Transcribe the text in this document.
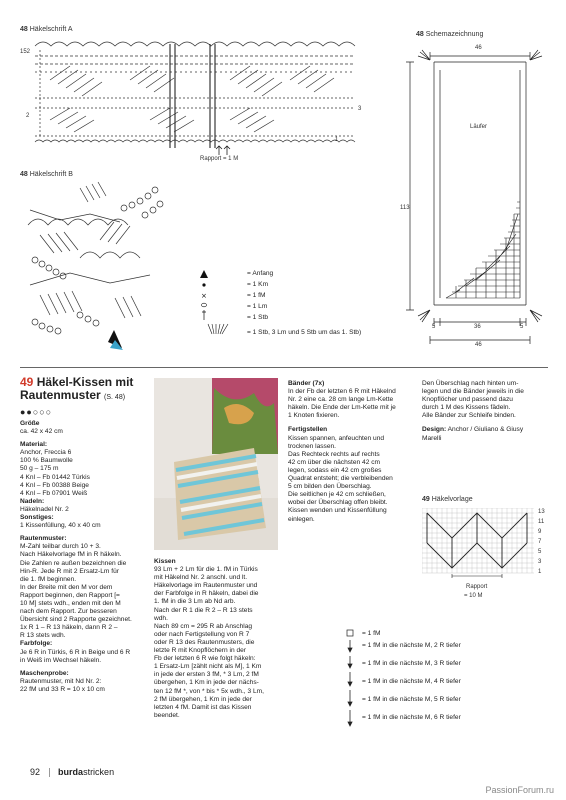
48 Häkelschrift A
152
2
3
1
Rapport = 1 M
48 Häkelschrift B
×
= Anfang
= 1 Km
= 1 fM
= 1 Lm
= 1 Stb
= 1 Stb, 3 Lm und 5 Stb um das 1. Stb)
48 Schemazeichnung
46
113
Läufer
5	36	5
46
49 Häkel-Kissen mit
Rautenmuster (S. 48)
●●○○○
Größe
ca. 42 x 42 cm
Material:
Anchor, Freccia 6
100 % Baumwolle
50 g – 175 m
4 Knl – Fb 01442 Türkis
4 Knl – Fb 00388 Beige
4 Knl – Fb 07901 Weiß
Nadeln:
Häkelnadel Nr. 2
Sonstiges:
1 Kissenfüllung, 40 x 40 cm
Rautenmuster:
M-Zahl teilbar durch 10 + 3.
Nach Häkelvorlage fM in R häkeln.
Die Zahlen re außen bezeichnen die
Hin-R. Jede R mit 2 Ersatz-Lm für
die 1. fM beginnen.
In der Breite mit den M vor dem
Rapport beginnen, den Rapport [=
10 M] stets wdh., enden mit den M
nach dem Rapport. Zur besseren
Übersicht sind 2 Rapporte gezeichnet.
1x R 1 – R 13 häkeln, dann R 2 –
R 13 stets wdh.
Farbfolge:
Je 6 R in Türkis, 6 R in Beige und 6 R
in Weiß im Wechsel häkeln.
Maschenprobe:
Rautenmuster, mit Nd Nr. 2:
22 fM und 33 R = 10 x 10 cm
Kissen
93 Lm + 2 Lm für die 1. fM in Türkis
mit Häkelnd Nr. 2 anschl. und lt.
Häkelvorlage im Rautenmuster und
der Farbfolge in R häkeln, dabei die
1. fM in die 3 Lm ab Nd arb.
Nach der R 1 die R 2 – R 13 stets
wdh.
Nach 89 cm = 295 R ab Anschlag
oder nach Fertigstellung von R 7
oder R 13 des Rautenmusters, die
letzte R mit Knopflöchern in der
Fb der letzten 6 R wie folgt häkeln:
1 Ersatz-Lm [zählt nicht als M], 1 Km
in jede der ersten 3 fM, * 3 Lm, 2 fM
übergehen, 1 Km in jede der nächs-
ten 12 fM *, von * bis * 5x wdh., 3 Lm,
2 fM übergehen, 1 Km in jede der
letzten 4 fM. Damit ist das Kissen
beendet.
Bänder (7x)
In der Fb der letzten 6 R mit Häkelnd
Nr. 2 eine ca. 28 cm lange Lm-Kette
häkeln. Die Ende der Lm-Kette mit je
1 Knoten fixieren.
Fertigstellen
Kissen spannen, anfeuchten und
trocknen lassen.
Das Rechteck rechts auf rechts
42 cm über die nächsten 42 cm
legen, sodass ein 42 cm großes
Quadrat entsteht; die verbleibenden
5 cm bilden den Überschlag.
Die seitlichen je 42 cm schließen,
wobei der Überschlag offen bleibt.
Kissen wenden und Kissenfüllung
einlegen.
Den Überschlag nach hinten um-
legen und die Bänder jeweils in die
Knopflöcher und passend dazu
durch 1 M des Kissens fädeln.
Alle Bänder zur Schleife binden.
Design: Anchor / Giuliano & Giusy
Marelli
49 Häkelvorlage
13
11
9
7
5
3
1
Rapport
= 10 M
= 1 fM
= 1 fM in die nächste M, 2 R tiefer
= 1 fM in die nächste M, 3 R tiefer
= 1 fM in die nächste M, 4 R tiefer
= 1 fM in die nächste M, 5 R tiefer
= 1 fM in die nächste M, 6 R tiefer
92 burdastricken
PassionForum.ru
